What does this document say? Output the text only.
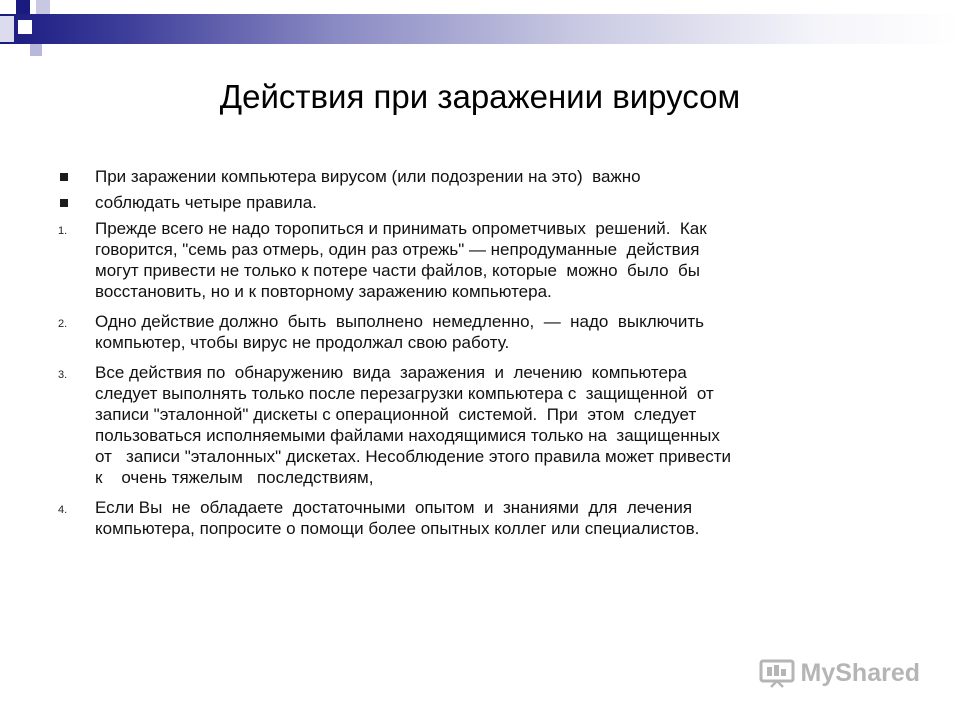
Действия при заражении вирусом
При заражении компьютера вирусом (или подозрении на это)  важно
соблюдать четыре правила.
1. Прежде всего не надо торопиться и принимать опрометчивых  решений.  Как
говорится, "семь раз отмерь, один раз отрежь" — непродуманные  действия
могут привести не только к потере части файлов, которые  можно  было  бы
восстановить, но и к повторному заражению компьютера.
2. Одно действие должно  быть  выполнено  немедленно,  —  надо  выключить
компьютер, чтобы вирус не продолжал свою работу.
3. Все действия по  обнаружению  вида  заражения  и  лечению  компьютера
следует выполнять только после перезагрузки компьютера с  защищенной  от
записи "эталонной" дискеты с операционной  системой.  При  этом  следует
пользоваться исполняемыми файлами находящимися только на  защищенных
от   записи "эталонных" дискетах. Несоблюдение этого правила может привести
к    очень тяжелым   последствиям,
4. Если Вы  не  обладаете  достаточными  опытом  и  знаниями  для  лечения
компьютера, попросите о помощи более опытных коллег или специалистов.
MyShared
